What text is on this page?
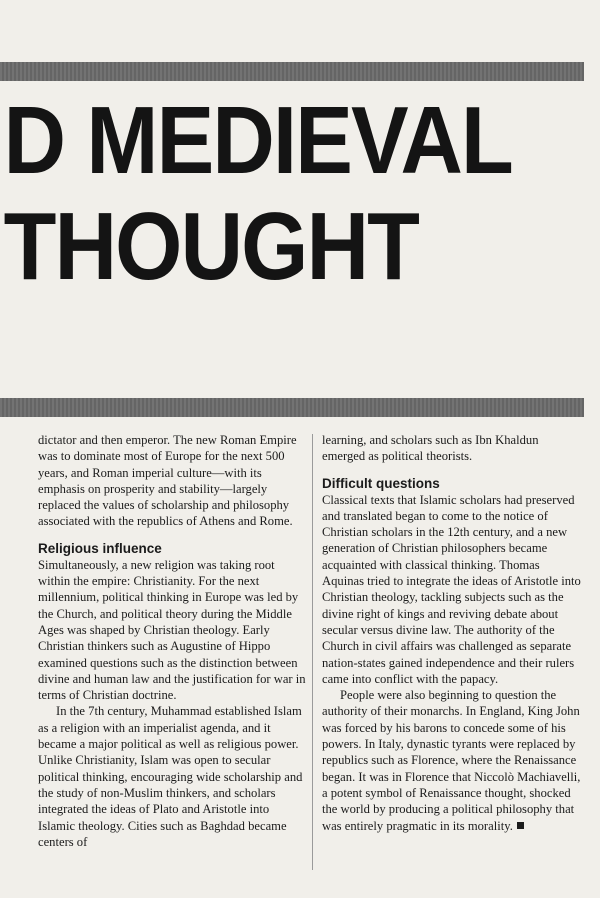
D MEDIEVAL
THOUGHT

dictator and then emperor. The new Roman Empire was to dominate most of Europe for the next 500 years, and Roman imperial culture—with its emphasis on prosperity and stability—largely replaced the values of scholarship and philosophy associated with the republics of Athens and Rome.

Religious influence

Simultaneously, a new religion was taking root within the empire: Christianity. For the next millennium, political thinking in Europe was led by the Church, and political theory during the Middle Ages was shaped by Christian theology. Early Christian thinkers such as Augustine of Hippo examined questions such as the distinction between divine and human law and the justification for war in terms of Christian doctrine.

In the 7th century, Muhammad established Islam as a religion with an imperialist agenda, and it became a major political as well as religious power. Unlike Christianity, Islam was open to secular political thinking, encouraging wide scholarship and the study of non-Muslim thinkers, and scholars integrated the ideas of Plato and Aristotle into Islamic theology. Cities such as Baghdad became centers of

learning, and scholars such as Ibn Khaldun emerged as political theorists.

Difficult questions

Classical texts that Islamic scholars had preserved and translated began to come to the notice of Christian scholars in the 12th century, and a new generation of Christian philosophers became acquainted with classical thinking. Thomas Aquinas tried to integrate the ideas of Aristotle into Christian theology, tackling subjects such as the divine right of kings and reviving debate about secular versus divine law. The authority of the Church in civil affairs was challenged as separate nation-states gained independence and their rulers came into conflict with the papacy.

People were also beginning to question the authority of their monarchs. In England, King John was forced by his barons to concede some of his powers. In Italy, dynastic tyrants were replaced by republics such as Florence, where the Renaissance began. It was in Florence that Niccolò Machiavelli, a potent symbol of Renaissance thought, shocked the world by producing a political philosophy that was entirely pragmatic in its morality.
